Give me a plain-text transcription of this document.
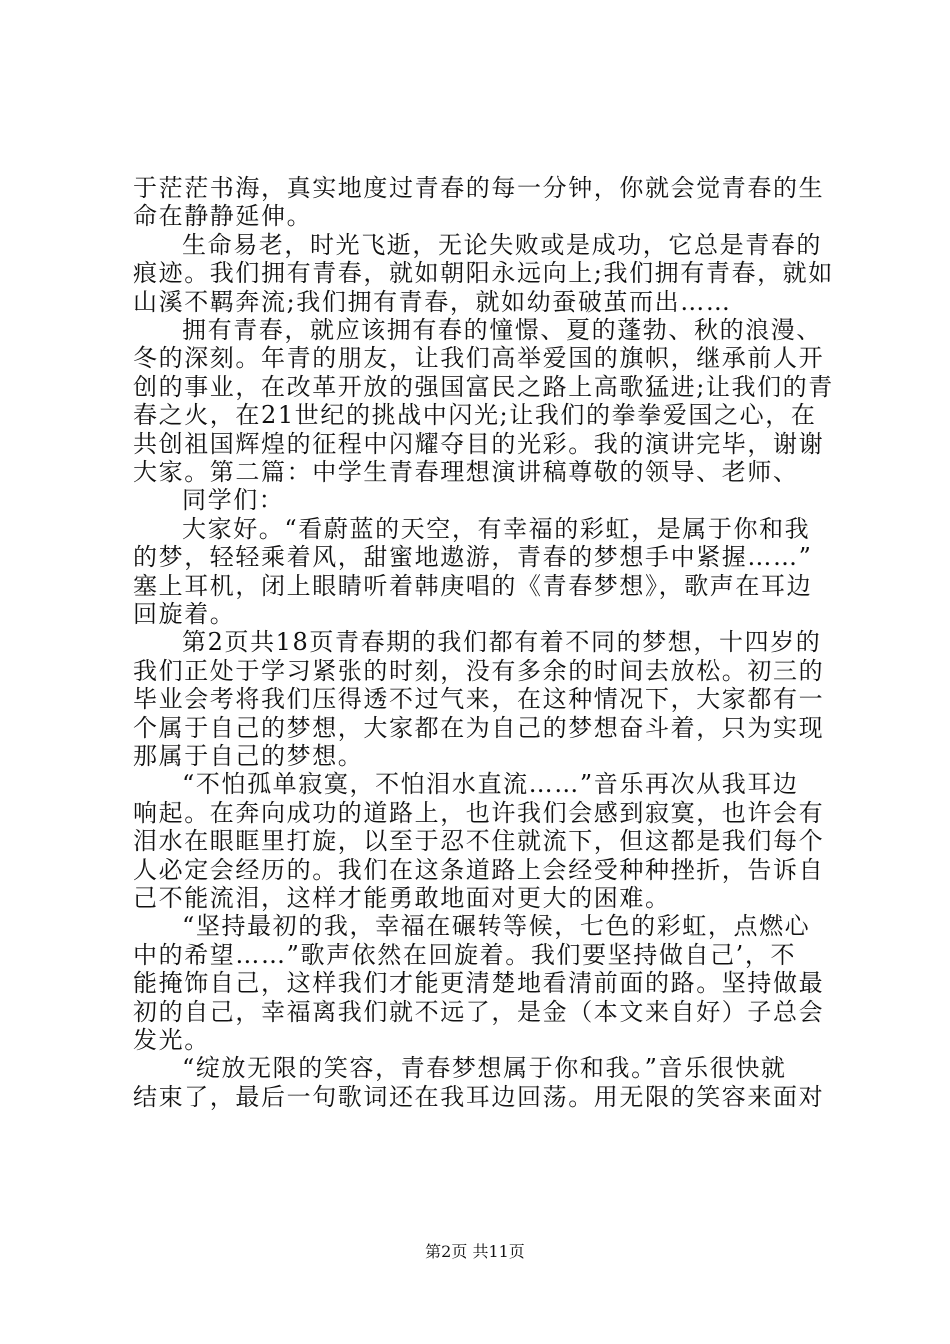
于茫茫书海，真实地度过青春的每一分钟，你就会觉青春的生
命在静静延伸。
生命易老，时光飞逝，无论失败或是成功，它总是青春的
痕迹。我们拥有青春，就如朝阳永远向上;我们拥有青春，就如
山溪不羁奔流;我们拥有青春，就如幼蚕破茧而出……
拥有青春，就应该拥有春的憧憬、夏的蓬勃、秋的浪漫、
冬的深刻。年青的朋友，让我们高举爱国的旗帜，继承前人开
创的事业，在改革开放的强国富民之路上高歌猛进;让我们的青
春之火，在21世纪的挑战中闪光;让我们的拳拳爱国之心，在
共创祖国辉煌的征程中闪耀夺目的光彩。我的演讲完毕，谢谢
大家。第二篇：中学生青春理想演讲稿尊敬的领导、老师、
同学们：
大家好。“看蔚蓝的天空，有幸福的彩虹，是属于你和我
的梦，轻轻乘着风，甜蜜地遨游，青春的梦想手中紧握……”
塞上耳机，闭上眼睛听着韩庚唱的《青春梦想》，歌声在耳边
回旋着。
第2页共18页青春期的我们都有着不同的梦想，十四岁的
我们正处于学习紧张的时刻，没有多余的时间去放松。初三的
毕业会考将我们压得透不过气来，在这种情况下，大家都有一
个属于自己的梦想，大家都在为自己的梦想奋斗着，只为实现
那属于自己的梦想。
“不怕孤单寂寞，不怕泪水直流……”音乐再次从我耳边
响起。在奔向成功的道路上，也许我们会感到寂寞，也许会有
泪水在眼眶里打旋，以至于忍不住就流下，但这都是我们每个
人必定会经历的。我们在这条道路上会经受种种挫折，告诉自
己不能流泪，这样才能勇敢地面对更大的困难。
“坚持最初的我，幸福在碾转等候，七色的彩虹，点燃心
中的希望……”歌声依然在回旋着。我们要坚持做自己’，不
能掩饰自己，这样我们才能更清楚地看清前面的路。坚持做最
初的自己，幸福离我们就不远了，是金（本文来自好）子总会
发光。
“绽放无限的笑容，青春梦想属于你和我。”音乐很快就
结束了，最后一句歌词还在我耳边回荡。用无限的笑容来面对
第2页 共11页
